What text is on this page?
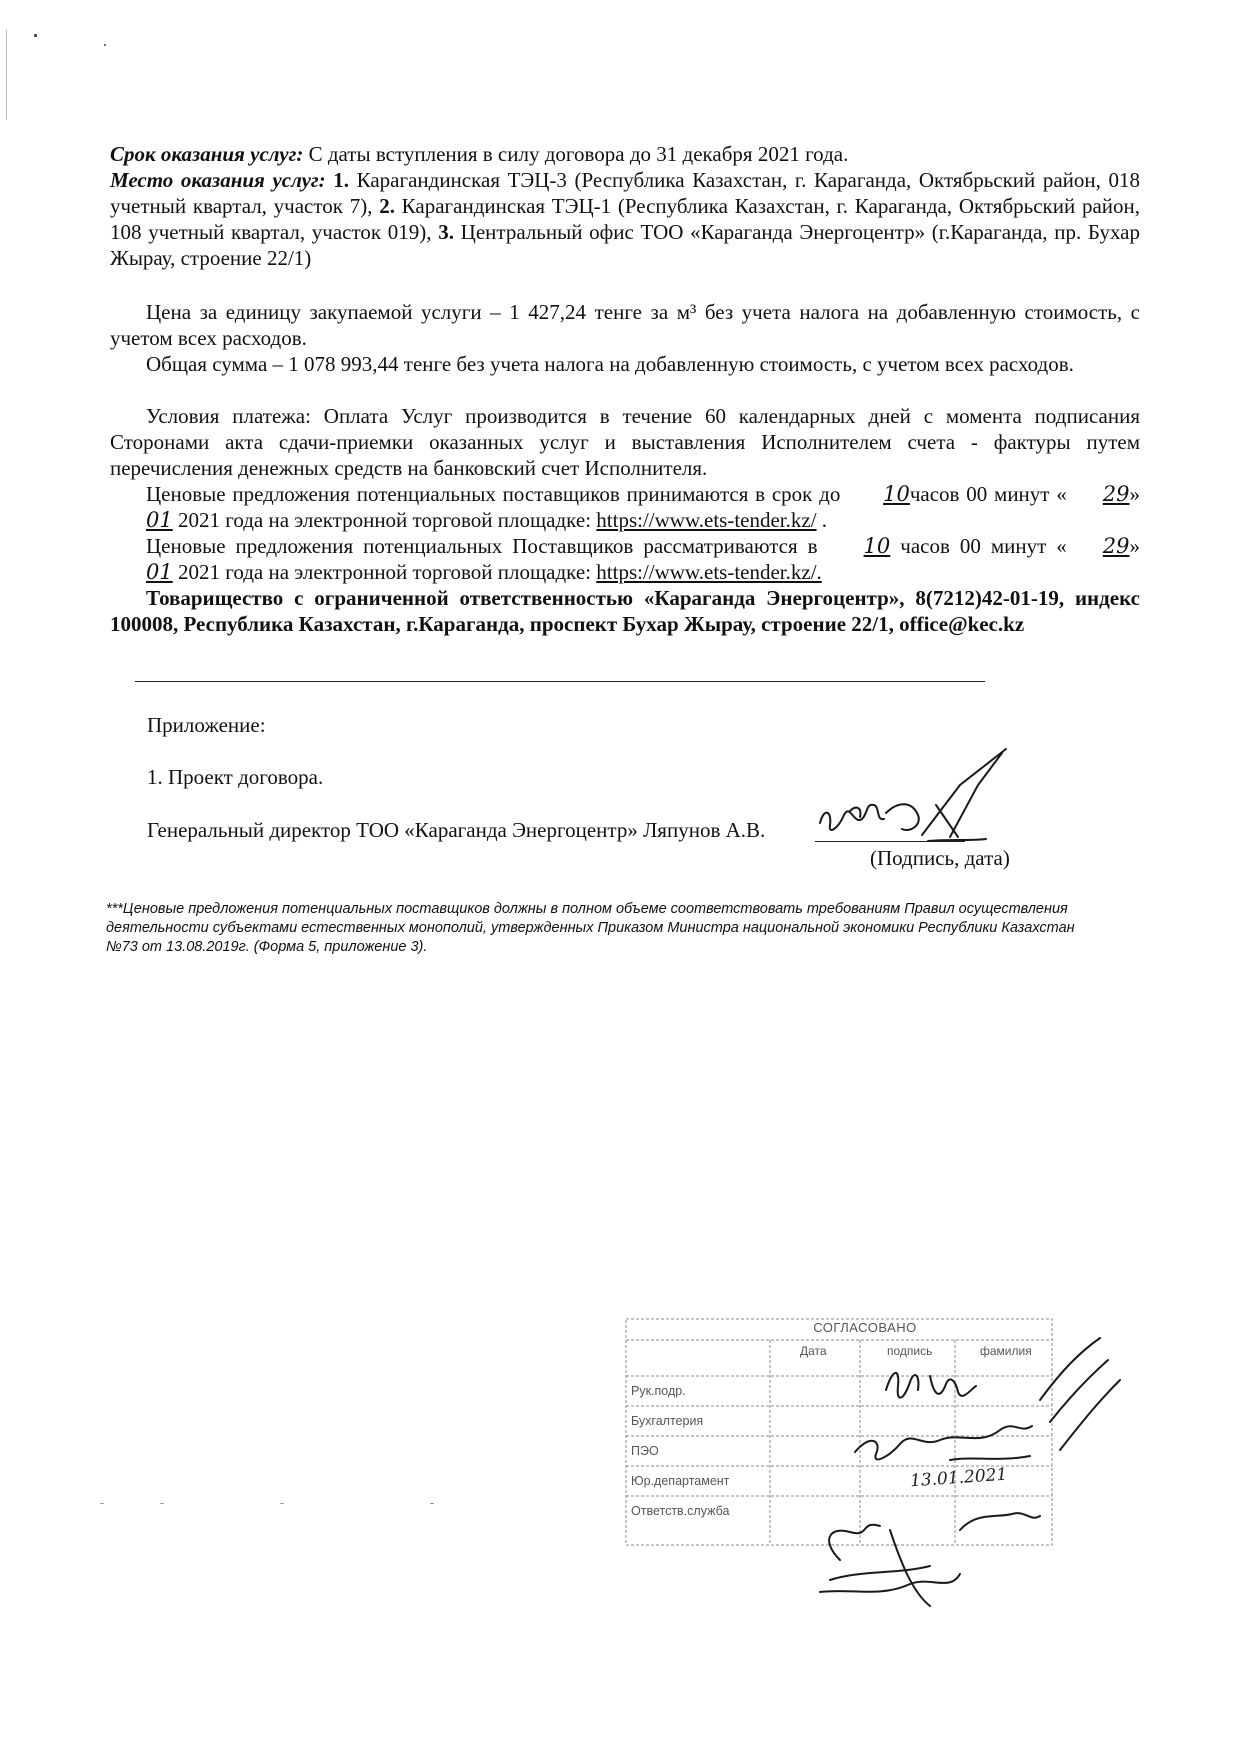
Срок оказания услуг: С даты вступления в силу договора до 31 декабря 2021 года.
Место оказания услуг: 1. Карагандинская ТЭЦ-3 (Республика Казахстан, г. Караганда, Октябрьский район, 018 учетный квартал, участок 7), 2. Карагандинская ТЭЦ-1 (Республика Казахстан, г. Караганда, Октябрьский район, 108 учетный квартал, участок 019), 3. Центральный офис ТОО «Караганда Энергоцентр» (г.Караганда, пр. Бухар Жырау, строение 22/1)
Цена за единицу закупаемой услуги – 1 427,24 тенге за м³ без учета налога на добавленную стоимость, с учетом всех расходов.
Общая сумма – 1 078 993,44 тенге без учета налога на добавленную стоимость, с учетом всех расходов.
Условия платежа: Оплата Услуг производится в течение 60 календарных дней с момента подписания Сторонами акта сдачи-приемки оказанных услуг и выставления Исполнителем счета - фактуры путем перечисления денежных средств на банковский счет Исполнителя.
Ценовые предложения потенциальных поставщиков принимаются в срок до 10часов 00 минут « 29» 01 2021 года на электронной торговой площадке: https://www.ets-tender.kz/ .
Ценовые предложения потенциальных Поставщиков рассматриваются в 10 часов 00 минут « 29» 01 2021 года на электронной торговой площадке: https://www.ets-tender.kz/.
Товарищество с ограниченной ответственностью «Караганда Энергоцентр», 8(7212)42-01-19, индекс 100008, Республика Казахстан, г.Караганда, проспект Бухар Жырау, строение 22/1, office@kec.kz
Приложение:
1. Проект договора.
Генеральный директор ТОО «Караганда Энергоцентр» Ляпунов А.В.
(Подпись, дата)
***Ценовые предложения потенциальных поставщиков должны в полном объеме соответствовать требованиям Правил осуществления деятельности субъектами естественных монополий, утвержденных Приказом Министра национальной экономики Республики Казахстан №73 от 13.08.2019г. (Форма 5, приложение 3).
СОГЛАСОВАНО
Дата	подпись	фамилия
Рук.подр.
Бухгалтерия
ПЭО
Юр.департамент
Ответств.служба
13.01.2021
